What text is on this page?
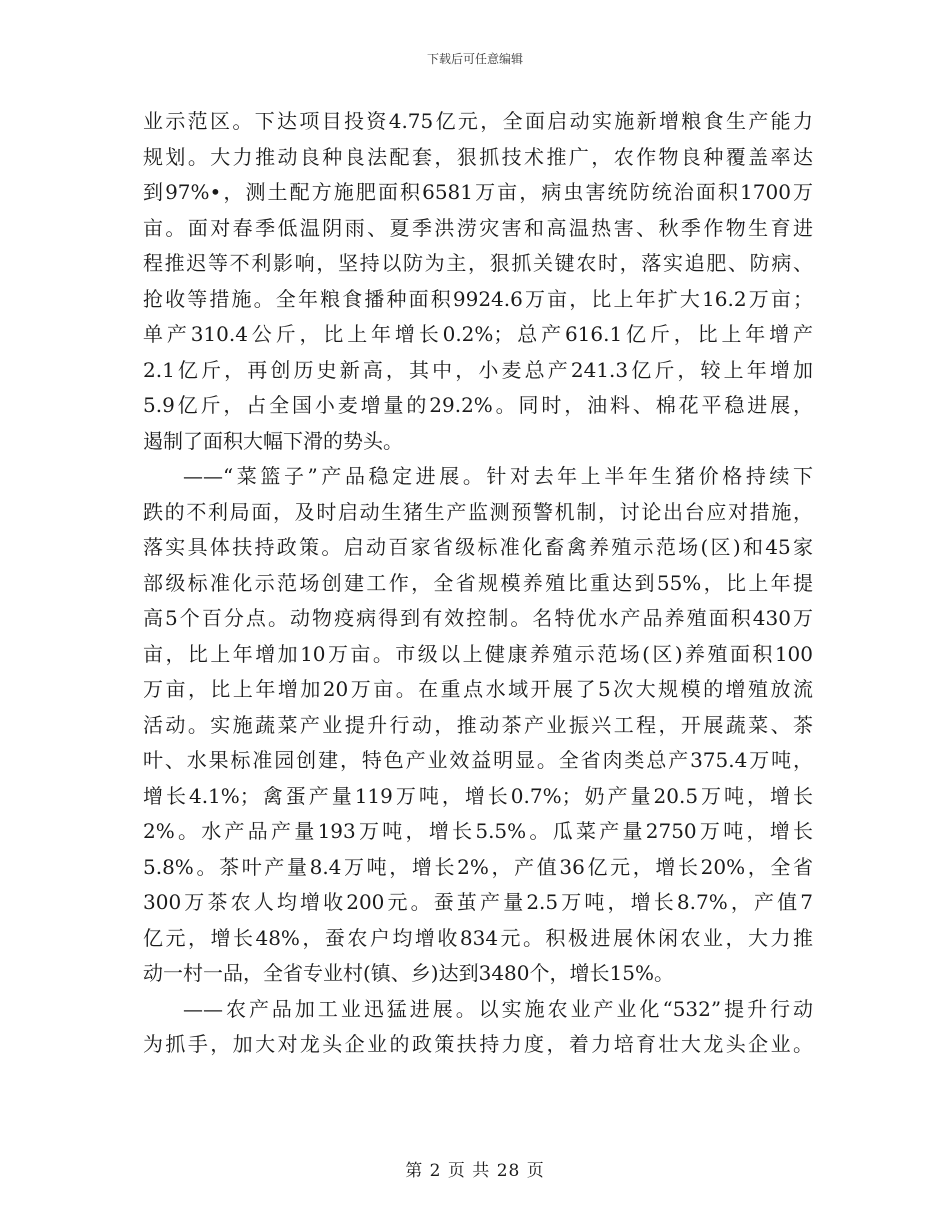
下载后可任意编辑

业示范区。下达项目投资4.75亿元，全面启动实施新增粮食生产能力
规划。大力推动良种良法配套，狠抓技术推广，农作物良种覆盖率达
到97%•，测土配方施肥面积6581万亩，病虫害统防统治面积1700万
亩。面对春季低温阴雨、夏季洪涝灾害和高温热害、秋季作物生育进
程推迟等不利影响，坚持以防为主，狠抓关键农时，落实追肥、防病、
抢收等措施。全年粮食播种面积9924.6万亩，比上年扩大16.2万亩；
单产310.4公斤，比上年增长0.2%；总产616.1亿斤，比上年增产
2.1亿斤，再创历史新高，其中，小麦总产241.3亿斤，较上年增加
5.9亿斤，占全国小麦增量的29.2%。同时，油料、棉花平稳进展，
遏制了面积大幅下滑的势头。

——“菜篮子”产品稳定进展。针对去年上半年生猪价格持续下
跌的不利局面，及时启动生猪生产监测预警机制，讨论出台应对措施，
落实具体扶持政策。启动百家省级标准化畜禽养殖示范场(区)和45家
部级标准化示范场创建工作，全省规模养殖比重达到55%，比上年提
高5个百分点。动物疫病得到有效控制。名特优水产品养殖面积430万
亩，比上年增加10万亩。市级以上健康养殖示范场(区)养殖面积100
万亩，比上年增加20万亩。在重点水域开展了5次大规模的增殖放流
活动。实施蔬菜产业提升行动，推动茶产业振兴工程，开展蔬菜、茶
叶、水果标准园创建，特色产业效益明显。全省肉类总产375.4万吨，
增长4.1%；禽蛋产量119万吨，增长0.7%；奶产量20.5万吨，增长
2%。水产品产量193万吨，增长5.5%。瓜菜产量2750万吨，增长
5.8%。茶叶产量8.4万吨，增长2%，产值36亿元，增长20%，全省
300万茶农人均增收200元。蚕茧产量2.5万吨，增长8.7%，产值7
亿元，增长48%，蚕农户均增收834元。积极进展休闲农业，大力推
动一村一品，全省专业村(镇、乡)达到3480个，增长15%。

——农产品加工业迅猛进展。以实施农业产业化“532”提升行动
为抓手，加大对龙头企业的政策扶持力度，着力培育壮大龙头企业。

第 2 页 共 28 页
